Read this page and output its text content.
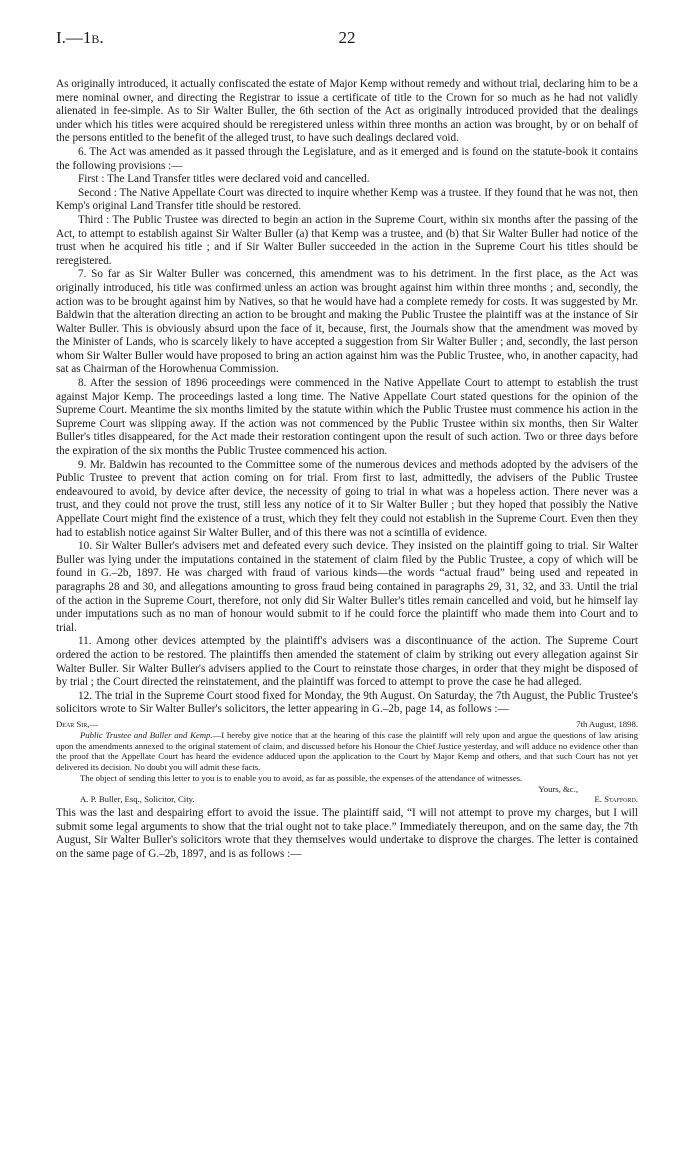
I.—1b.	22

As originally introduced, it actually confiscated the estate of Major Kemp without remedy and without trial, declaring him to be a mere nominal owner, and directing the Registrar to issue a certificate of title to the Crown for so much as he had not validly alienated in fee-simple. As to Sir Walter Buller, the 6th section of the Act as originally introduced provided that the dealings under which his titles were acquired should be reregistered unless within three months an action was brought, by or on behalf of the persons entitled to the benefit of the alleged trust, to have such dealings declared void.

6. The Act was amended as it passed through the Legislature, and as it emerged and is found on the statute-book it contains the following provisions :—

First : The Land Transfer titles were declared void and cancelled.

Second : The Native Appellate Court was directed to inquire whether Kemp was a trustee. If they found that he was not, then Kemp's original Land Transfer title should be restored.

Third : The Public Trustee was directed to begin an action in the Supreme Court, within six months after the passing of the Act, to attempt to establish against Sir Walter Buller (a) that Kemp was a trustee, and (b) that Sir Walter Buller had notice of the trust when he acquired his title ; and if Sir Walter Buller succeeded in the action in the Supreme Court his titles should be reregistered.

7. So far as Sir Walter Buller was concerned, this amendment was to his detriment. In the first place, as the Act was originally introduced, his title was confirmed unless an action was brought against him within three months ; and, secondly, the action was to be brought against him by Natives, so that he would have had a complete remedy for costs. It was suggested by Mr. Baldwin that the alteration directing an action to be brought and making the Public Trustee the plaintiff was at the instance of Sir Walter Buller. This is obviously absurd upon the face of it, because, first, the Journals show that the amendment was moved by the Minister of Lands, who is scarcely likely to have accepted a suggestion from Sir Walter Buller ; and, secondly, the last person whom Sir Walter Buller would have proposed to bring an action against him was the Public Trustee, who, in another capacity, had sat as Chairman of the Horowhenua Commission.

8. After the session of 1896 proceedings were commenced in the Native Appellate Court to attempt to establish the trust against Major Kemp. The proceedings lasted a long time. The Native Appellate Court stated questions for the opinion of the Supreme Court. Meantime the six months limited by the statute within which the Public Trustee must commence his action in the Supreme Court was slipping away. If the action was not commenced by the Public Trustee within six months, then Sir Walter Buller's titles disappeared, for the Act made their restoration contingent upon the result of such action. Two or three days before the expiration of the six months the Public Trustee commenced his action.

9. Mr. Baldwin has recounted to the Committee some of the numerous devices and methods adopted by the advisers of the Public Trustee to prevent that action coming on for trial. From first to last, admittedly, the advisers of the Public Trustee endeavoured to avoid, by device after device, the necessity of going to trial in what was a hopeless action. There never was a trust, and they could not prove the trust, still less any notice of it to Sir Walter Buller ; but they hoped that possibly the Native Appellate Court might find the existence of a trust, which they felt they could not establish in the Supreme Court. Even then they had to establish notice against Sir Walter Buller, and of this there was not a scintilla of evidence.

10. Sir Walter Buller's advisers met and defeated every such device. They insisted on the plaintiff going to trial. Sir Walter Buller was lying under the imputations contained in the statement of claim filed by the Public Trustee, a copy of which will be found in G.–2b, 1897. He was charged with fraud of various kinds—the words “actual fraud” being used and repeated in paragraphs 28 and 30, and allegations amounting to gross fraud being contained in paragraphs 29, 31, 32, and 33. Until the trial of the action in the Supreme Court, therefore, not only did Sir Walter Buller's titles remain cancelled and void, but he himself lay under imputations such as no man of honour would submit to if he could force the plaintiff who made them into Court and to trial.

11. Among other devices attempted by the plaintiff's advisers was a discontinuance of the action. The Supreme Court ordered the action to be restored. The plaintiffs then amended the statement of claim by striking out every allegation against Sir Walter Buller. Sir Walter Buller's advisers applied to the Court to reinstate those charges, in order that they might be disposed of by trial ; the Court directed the reinstatement, and the plaintiff was forced to attempt to prove the case he had alleged.

12. The trial in the Supreme Court stood fixed for Monday, the 9th August. On Saturday, the 7th August, the Public Trustee's solicitors wrote to Sir Walter Buller's solicitors, the letter appearing in G.–2b, page 14, as follows :—

Dear Sir,—	7th August, 1898.

Public Trustee and Buller and Kemp.—I hereby give notice that at the hearing of this case the plaintiff will rely upon and argue the questions of law arising upon the amendments annexed to the original statement of claim, and discussed before his Honour the Chief Justice yesterday, and will adduce no evidence other than the proof that the Appellate Court has heard the evidence adduced upon the application to the Court by Major Kemp and others, and that such Court has not yet delivered its decision. No doubt you will admit these facts.

The object of sending this letter to you is to enable you to avoid, as far as possible, the expenses of the attendance of witnesses.

Yours, &c.,
A. P. Buller, Esq., Solicitor, City.	E. Stafford.

This was the last and despairing effort to avoid the issue. The plaintiff said, “I will not attempt to prove my charges, but I will submit some legal arguments to show that the trial ought not to take place.” Immediately thereupon, and on the same day, the 7th August, Sir Walter Buller's solicitors wrote that they themselves would undertake to disprove the charges. The letter is contained on the same page of G.–2b, 1897, and is as follows :—
